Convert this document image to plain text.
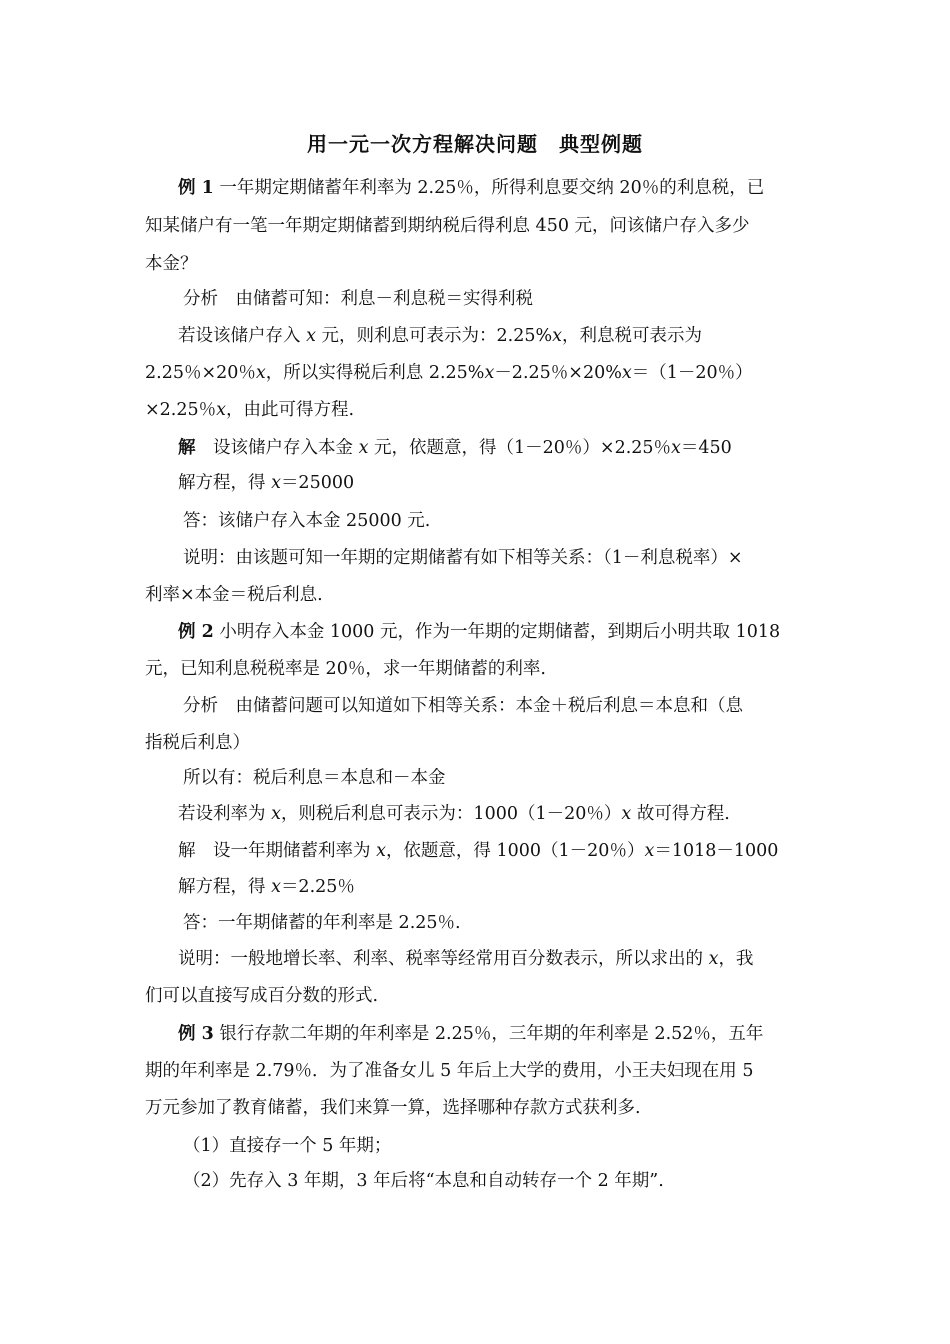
用一元一次方程解决问题　典型例题
例 1 一年期定期储蓄年利率为 2.25％，所得利息要交纳 20％的利息税，已
知某储户有一笔一年期定期储蓄到期纳税后得利息 450 元，问该储户存入多少
本金？
分析　由储蓄可知：利息－利息税＝实得利税
若设该储户存入 x 元，则利息可表示为：2.25%x，利息税可表示为
2.25％×20％x，所以实得税后利息 2.25%x－2.25％×20%x＝（1－20％）
×2.25％x，由此可得方程.
解　设该储户存入本金 x 元，依题意，得（1－20％）×2.25％x＝450
解方程，得 x＝25000
答：该储户存入本金 25000 元.
说明：由该题可知一年期的定期储蓄有如下相等关系：（1－利息税率）×
利率×本金＝税后利息.
例 2 小明存入本金 1000 元，作为一年期的定期储蓄，到期后小明共取 1018
元，已知利息税税率是 20％，求一年期储蓄的利率.
分析　由储蓄问题可以知道如下相等关系：本金＋税后利息＝本息和（息
指税后利息）
所以有：税后利息＝本息和－本金
若设利率为 x，则税后利息可表示为：1000（1－20％）x 故可得方程.
解　设一年期储蓄利率为 x，依题意，得 1000（1－20％）x＝1018－1000
解方程，得 x＝2.25％
答：一年期储蓄的年利率是 2.25％.
说明：一般地增长率、利率、税率等经常用百分数表示，所以求出的 x，我
们可以直接写成百分数的形式.
例 3 银行存款二年期的年利率是 2.25％，三年期的年利率是 2.52％，五年
期的年利率是 2.79％．为了准备女儿 5 年后上大学的费用，小王夫妇现在用 5
万元参加了教育储蓄，我们来算一算，选择哪种存款方式获利多.
（1）直接存一个 5 年期；
（2）先存入 3 年期，3 年后将“本息和自动转存一个 2 年期”.
